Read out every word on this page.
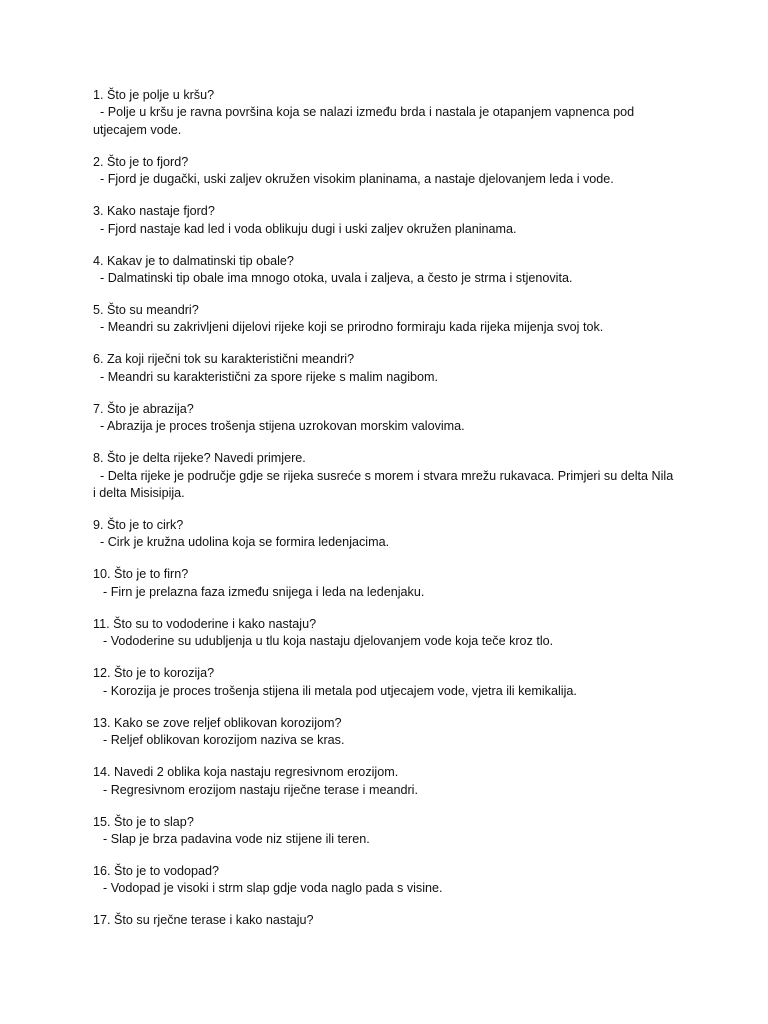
1. Što je polje u kršu?
- Polje u kršu je ravna površina koja se nalazi između brda i nastala je otapanjem vapnenca pod utjecajem vode.
2. Što je to fjord?
- Fjord je dugački, uski zaljev okružen visokim planinama, a nastaje djelovanjem leda i vode.
3. Kako nastaje fjord?
- Fjord nastaje kad led i voda oblikuju dugi i uski zaljev okružen planinama.
4. Kakav je to dalmatinski tip obale?
- Dalmatinski tip obale ima mnogo otoka, uvala i zaljeva, a često je strma i stjenovita.
5. Što su meandri?
- Meandri su zakrivljeni dijelovi rijeke koji se prirodno formiraju kada rijeka mijenja svoj tok.
6. Za koji riječni tok su karakteristični meandri?
- Meandri su karakteristični za spore rijeke s malim nagibom.
7. Što je abrazija?
- Abrazija je proces trošenja stijena uzrokovan morskim valovima.
8. Što je delta rijeke? Navedi primjere.
- Delta rijeke je područje gdje se rijeka susreće s morem i stvara mrežu rukavaca. Primjeri su delta Nila i delta Misisipija.
9. Što je to cirk?
- Cirk je kružna udolina koja se formira ledenjacima.
10. Što je to firn?
- Firn je prelazna faza između snijega i leda na ledenjaku.
11. Što su to vododerine i kako nastaju?
- Vododerine su udubljenja u tlu koja nastaju djelovanjem vode koja teče kroz tlo.
12. Što je to korozija?
- Korozija je proces trošenja stijena ili metala pod utjecajem vode, vjetra ili kemikalija.
13. Kako se zove reljef oblikovan korozijom?
- Reljef oblikovan korozijom naziva se kras.
14. Navedi 2 oblika koja nastaju regresivnom erozijom.
- Regresivnom erozijom nastaju riječne terase i meandri.
15. Što je to slap?
- Slap je brza padavina vode niz stijene ili teren.
16. Što je to vodopad?
- Vodopad je visoki i strm slap gdje voda naglo pada s visine.
17. Što su rječne terase i kako nastaju?
